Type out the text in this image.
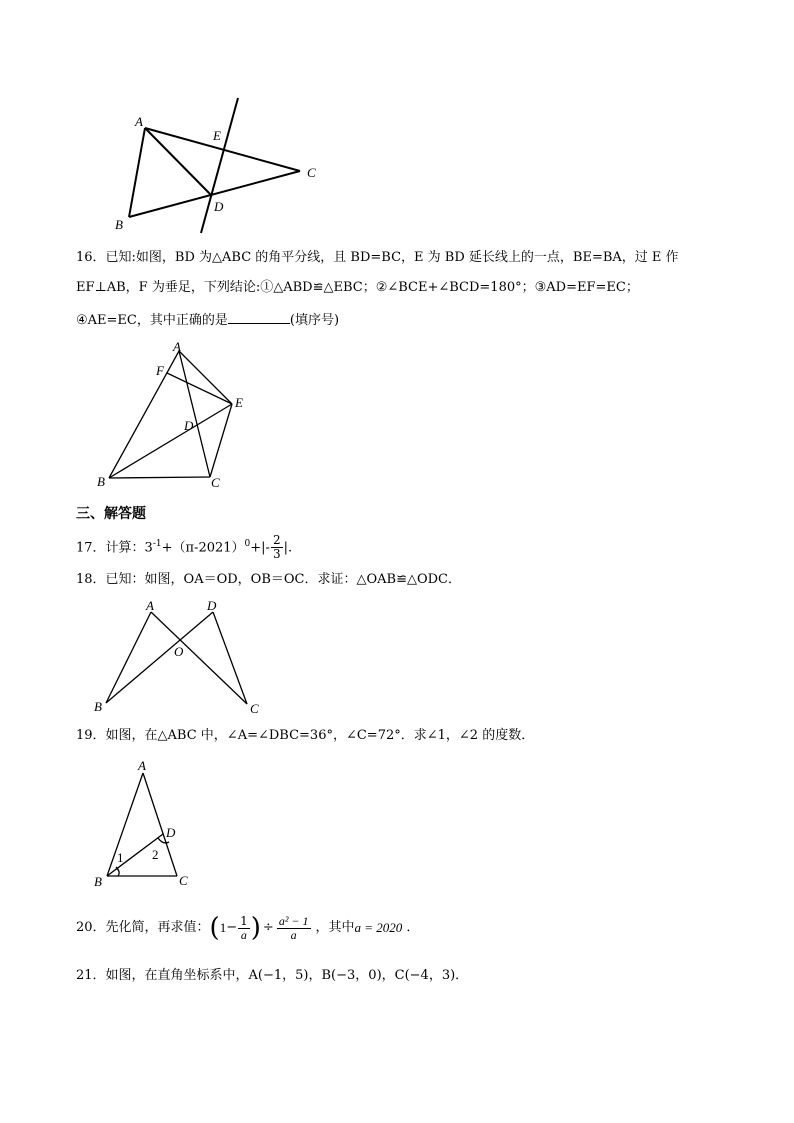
A
E
C
B
D
16．已知:如图，BD 为△ABC 的角平分线，且 BD=BC，E 为 BD 延长线上的一点，BE=BA，过 E 作
EF⊥AB，F 为垂足，下列结论:①△ABD≌△EBC；②∠BCE+∠BCD=180°；③AD=EF=EC；
④AE=EC，其中正确的是	(填序号)
A
F
E
D
B	C
三、解答题
17．计算：$3^{-1}+(\pi-2021)^0+|- \frac{2}{3}$ |.
18．已知：如图，OA＝OD，OB＝OC．求证：△OAB≌△ODC．
A	D
O
B	C
19．如图，在△ABC 中，∠A=∠DBC=36°，∠C=72°．求∠1，∠2 的度数．
A
D
1 2
B	C
20．先化简，再求值： ( $1 - \frac{1}{a}$ ) ÷ $\frac{\text{a² − 1}}{a}$ ，其中 a = 2020 ．
21．如图，在直角坐标系中，A(−1，5)，B(−3，0)，C(−4，3)．
